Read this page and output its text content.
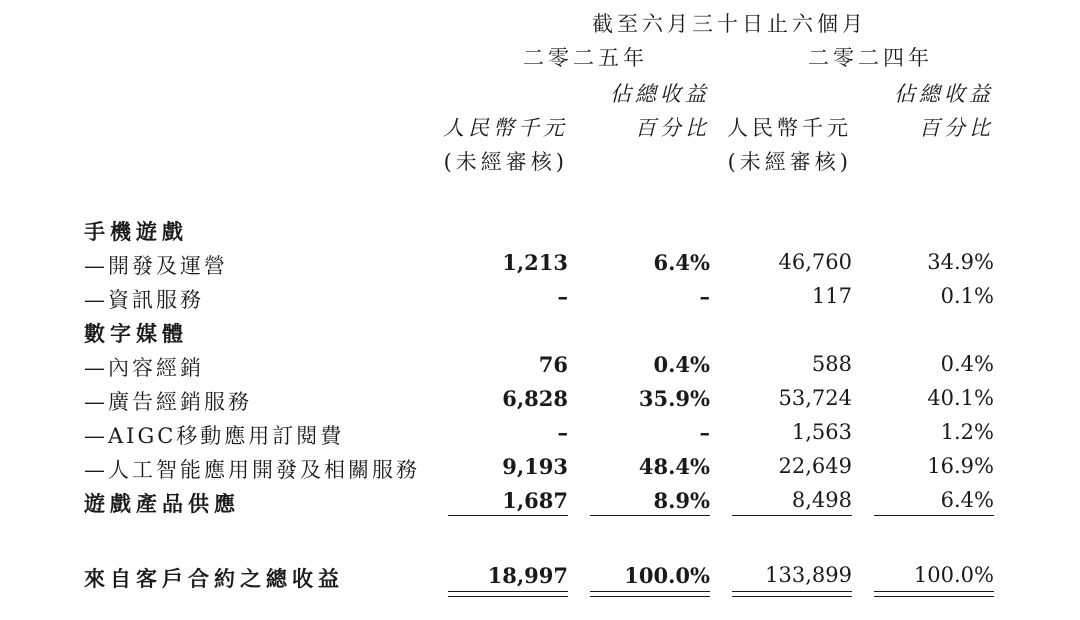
截至六月三十日止六個月
二零二五年	二零二四年
佔總收益	佔總收益
人民幣千元	百分比 人民幣千元	百分比
(未經審核)	(未經審核)
手機遊戲
—開發及運營	1,213	6.4%	46,760	34.9%
—資訊服務	–	–	117	0.1%
數字媒體
—內容經銷	76	0.4%	588	0.4%
—廣告經銷服務	6,828	35.9%	53,724	40.1%
—AIGC移動應用訂閱費	–	–	1,563	1.2%
—人工智能應用開發及相關服務	9,193	48.4%	22,649	16.9%
遊戲產品供應	1,687	8.9%	8,498	6.4%
來自客戶合約之總收益	18,997	100.0%	133,899	100.0%
